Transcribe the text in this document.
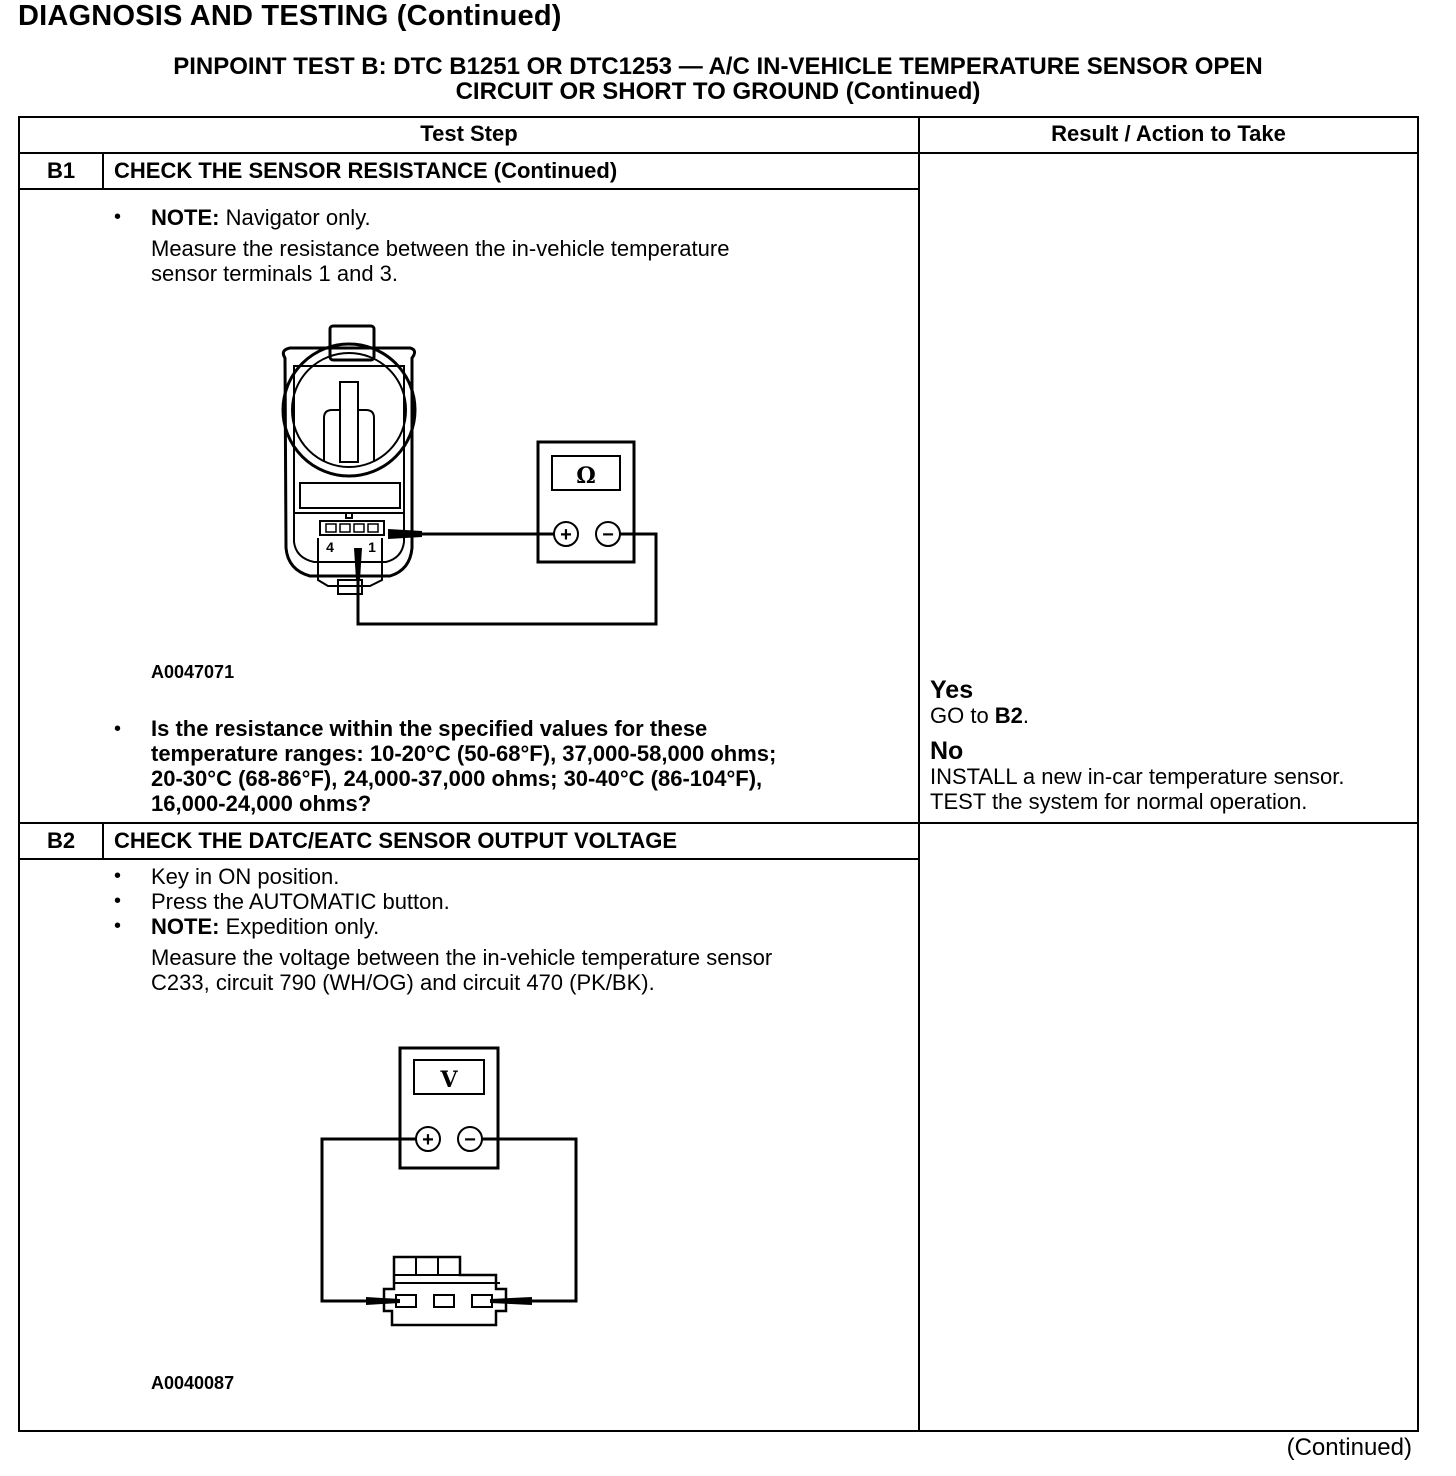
DIAGNOSIS AND TESTING (Continued)
PINPOINT TEST B: DTC B1251 OR DTC1253 — A/C IN-VEHICLE TEMPERATURE SENSOR OPEN
CIRCUIT OR SHORT TO GROUND (Continued)
Test Step	Result / Action to Take
B1	CHECK THE SENSOR RESISTANCE (Continued)
• NOTE: Navigator only.
Measure the resistance between the in-vehicle temperature
sensor terminals 1 and 3.
Ω
+ −
4 1
A0047071
• Is the resistance within the specified values for these
temperature ranges: 10-20°C (50-68°F), 37,000-58,000 ohms;
20-30°C (68-86°F), 24,000-37,000 ohms; 30-40°C (86-104°F),
16,000-24,000 ohms?
Yes
GO to B2.
No
INSTALL a new in-car temperature sensor.
TEST the system for normal operation.
B2	CHECK THE DATC/EATC SENSOR OUTPUT VOLTAGE
• Key in ON position.
• Press the AUTOMATIC button.
• NOTE: Expedition only.
Measure the voltage between the in-vehicle temperature sensor
C233, circuit 790 (WH/OG) and circuit 470 (PK/BK).
V
+ −
A0040087
(Continued)
